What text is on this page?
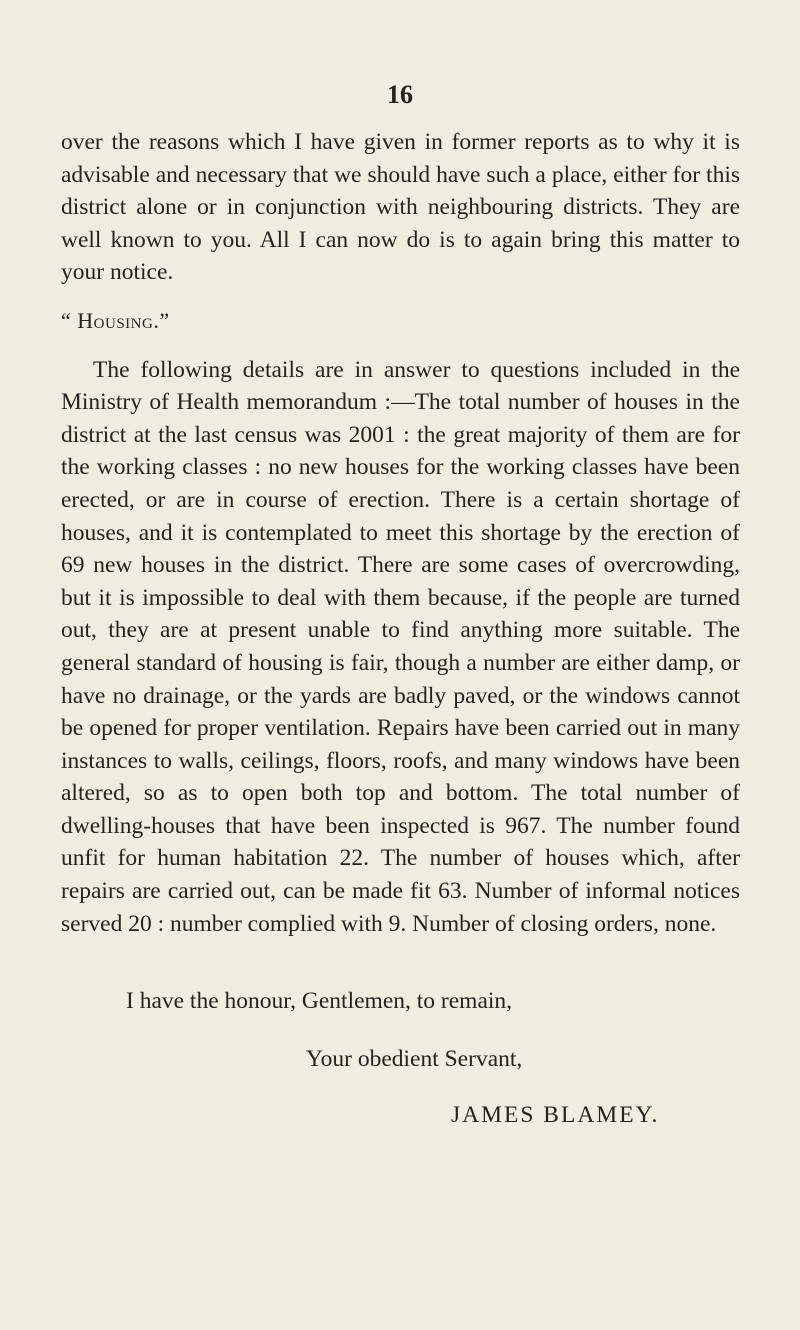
16

over the reasons which I have given in former reports as to why it is advisable and necessary that we should have such a place, either for this district alone or in conjunction with neighbouring districts. They are well known to you. All I can now do is to again bring this matter to your notice.

“ Housing.”

The following details are in answer to questions included in the Ministry of Health memorandum :—The total number of houses in the district at the last census was 2001 : the great majority of them are for the working classes : no new houses for the working classes have been erected, or are in course of erection. There is a certain shortage of houses, and it is contemplated to meet this shortage by the erection of 69 new houses in the district. There are some cases of overcrowding, but it is impossible to deal with them because, if the people are turned out, they are at present unable to find anything more suitable. The general standard of housing is fair, though a number are either damp, or have no drainage, or the yards are badly paved, or the windows cannot be opened for proper ventilation. Repairs have been carried out in many instances to walls, ceilings, floors, roofs, and many windows have been altered, so as to open both top and bottom. The total number of dwelling-houses that have been inspected is 967. The number found unfit for human habitation 22. The number of houses which, after repairs are carried out, can be made fit 63. Number of informal notices served 20 : number complied with 9. Number of closing orders, none.

I have the honour, Gentlemen, to remain,
Your obedient Servant,
JAMES BLAMEY.
